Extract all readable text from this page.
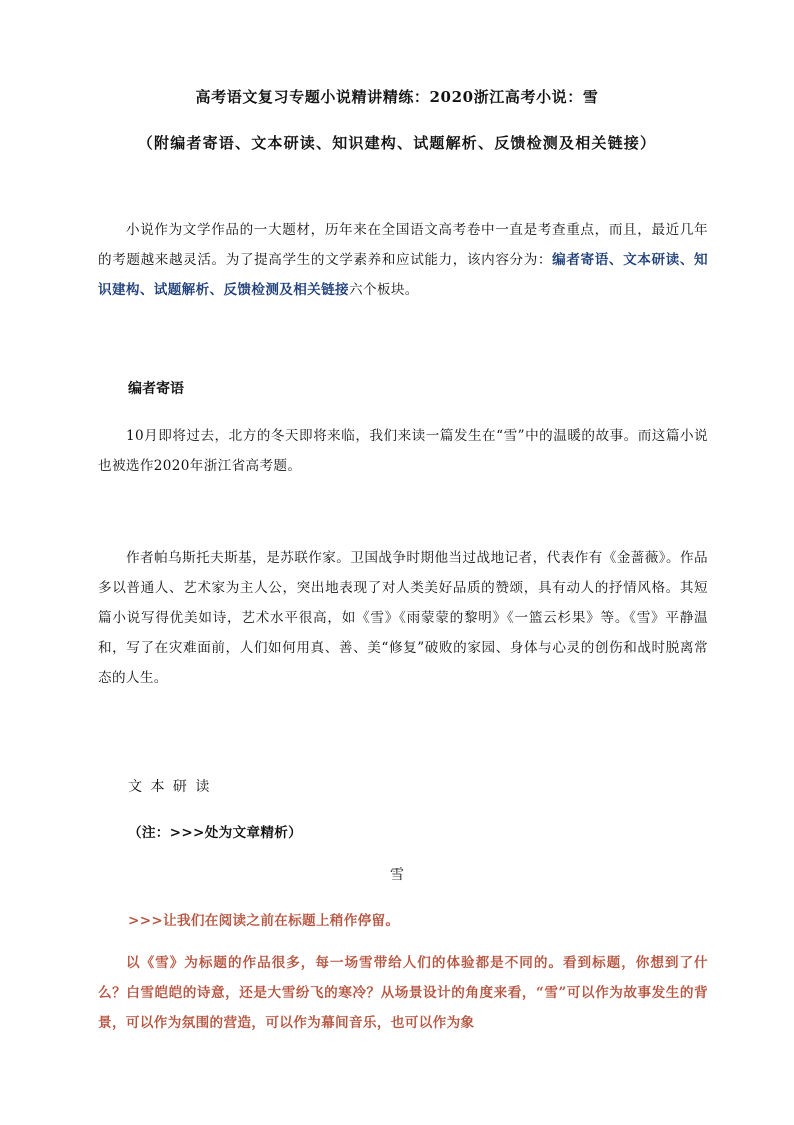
高考语文复习专题小说精讲精练：2020浙江高考小说：雪
（附编者寄语、文本研读、知识建构、试题解析、反馈检测及相关链接）

小说作为文学作品的一大题材，历年来在全国语文高考卷中一直是考查重点，而且，最近几年的考题越来越灵活。为了提高学生的文学素养和应试能力，该内容分为：编者寄语、文本研读、知识建构、试题解析、反馈检测及相关链接六个板块。

编者寄语

10月即将过去，北方的冬天即将来临，我们来读一篇发生在“雪”中的温暖的故事。而这篇小说也被选作2020年浙江省高考题。

作者帕乌斯托夫斯基，是苏联作家。卫国战争时期他当过战地记者，代表作有《金蔷薇》。作品多以普通人、艺术家为主人公，突出地表现了对人类美好品质的赞颂，具有动人的抒情风格。其短篇小说写得优美如诗，艺术水平很高，如《雪》《雨蒙蒙的黎明》《一篮云杉果》等。《雪》平静温和，写了在灾难面前，人们如何用真、善、美“修复”破败的家园、身体与心灵的创伤和战时脱离常态的人生。

文 本 研 读

（注：>>>处为文章精析）

雪

>>>让我们在阅读之前在标题上稍作停留。

以《雪》为标题的作品很多，每一场雪带给人们的体验都是不同的。看到标题，你想到了什么？白雪皑皑的诗意，还是大雪纷飞的寒冷？从场景设计的角度来看，“雪”可以作为故事发生的背景，可以作为氛围的营造，可以作为幕间音乐，也可以作为象
